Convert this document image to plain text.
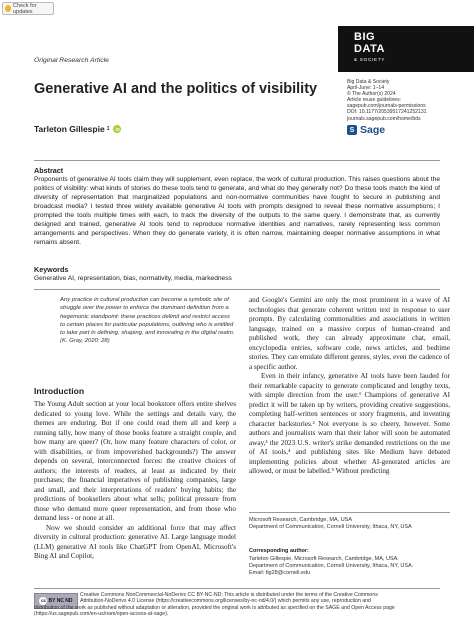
Check for updates
BIG
DATA
& SOCIETY
Original Research Article
Generative AI and the politics of visibility
Tarleton Gillespie 1	iD
Big Data & Society
April-June: 1–14
© The Author(s) 2024
Article reuse guidelines:
sagepub.com/journals-permissions
DOI: 10.1177/20539517241252131
journals.sagepub.com/home/bds
S Sage
Abstract
Proponents of generative AI tools claim they will supplement, even replace, the work of cultural production. This raises questions about the politics of visibility: what kinds of stories do these tools tend to generate, and what do they generally not? Do these tools match the kind of diversity of representation that marginalized populations and non-normative communities have fought to secure in publishing and broadcast media? I tested three widely available generative AI tools with prompts designed to reveal these normative assumptions; I prompted the tools multiple times with each, to track the diversity of the outputs to the same query. I demonstrate that, as currently designed and trained, generative AI tools tend to reproduce normative identities and narratives, rarely representing less common arrangements and perspectives. When they do generate variety, it is often narrow, maintaining deeper normative assumptions in what remains absent.
Keywords
Generative AI, representation, bias, normativity, media, markedness
Any practice in cultural production can become a symbolic site of struggle over the power to enforce the dominant definition from a hegemonic standpoint: these practices delimit and restrict access to certain places for particular populations, outlining who is entitled to take part in defining, shaping, and innovating in the digital realm. (K. Gray, 2020: 28)
Introduction

The Young Adult section at your local bookstore offers entire shelves dedicated to young love. While the settings and details vary, the themes are enduring. But if one could read them all and keep a running tally, how many of those books feature a straight couple, and how many are queer? (Or, how many feature characters of color, or with disabilities, or from impoverished backgrounds?) The answer depends on several, interconnected forces: the creative choices of authors; the interests of readers, at least as indicated by their purchases; the financial imperatives of publishing companies, large and small, and their interpretations of readers' buying habits; the predictions of booksellers about what sells; political pressure from those who demand more queer representation, and from those who demand less - or none at all.

Now we should consider an additional force that may affect diversity in cultural production: generative AI. Large language model (LLM) generative AI tools like ChatGPT from OpenAI, Microsoft's Bing AI and Copilot,

and Google's Gemini are only the most prominent in a wave of AI technologies that generate coherent written text in response to user prompts. By calculating commonalities and associations in written language, trained on a massive corpus of human-created and published work, they can already approximate chat, email, encyclopedia entries, software code, news articles, and bedtime stories. They can emulate different genres, styles, even the cadence of a specific author.

Even in their infancy, generative AI tools have been lauded for their remarkable capacity to generate complicated and lengthy texts, with simple direction from the user.¹ Champions of generative AI predict it will be taken up by writers, providing creative suggestions, completing half-written sentences or story fragments, and inventing character backstories.² Not everyone is so cheery, however. Some authors and journalists warn that their labor will soon be automated away,³ the 2023 U.S. writer's strike demanded restrictions on the use of AI tools,⁴ and publishing sites like Medium have debated implementing policies about whether AI-generated articles are allowed, or must be labelled.⁵ Without predicting

Microsoft Research, Cambridge, MA, USA
Department of Communication, Cornell University, Ithaca, NY, USA
Corresponding author:
Tarleton Gillespie, Microsoft Research, Cambridge, MA, USA.
Department of Communication, Cornell University, Ithaca, NY, USA.
Email: tlg28@cornell.edu
cc BY NC ND
Creative Commons NonCommercial-NoDerivs CC BY-NC-ND: This article is distributed under the terms of the Creative Commons
Attribution-NoDerivs 4.0 License (https://creativecommons.org/licenses/by-nc-nd/4.0/) which permits any use, reproduction and
distribution of the work as published without adaptation or alteration, provided the original work is attributed as specified on the SAGE and Open Access page (https://us.sagepub.com/en-us/nam/open-access-at-sage).
